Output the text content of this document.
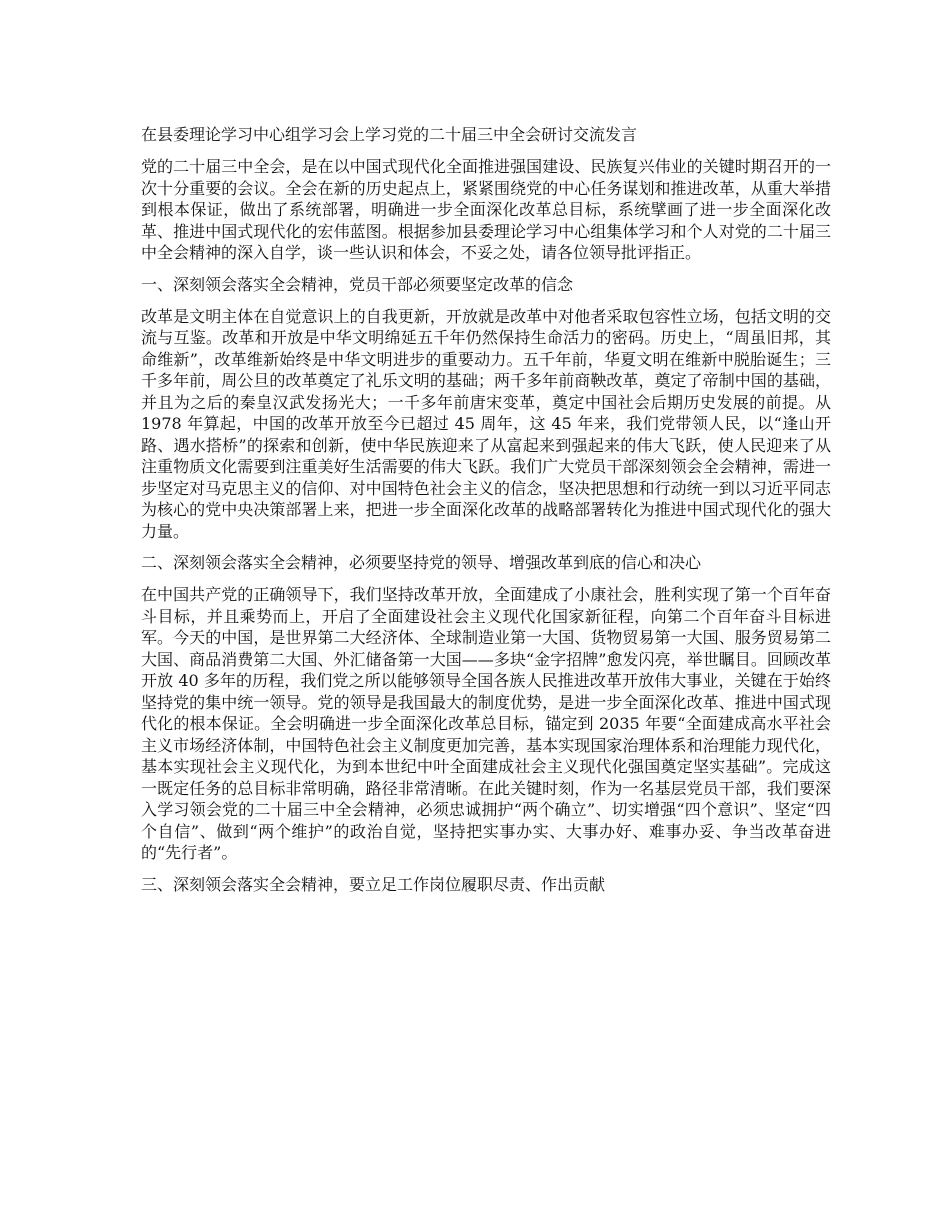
在县委理论学习中心组学习会上学习党的二十届三中全会研讨交流发言

党的二十届三中全会，是在以中国式现代化全面推进强国建设、民族复兴伟业的关键时期召开的一次十分重要的会议。全会在新的历史起点上，紧紧围绕党的中心任务谋划和推进改革，从重大举措到根本保证，做出了系统部署，明确进一步全面深化改革总目标，系统擘画了进一步全面深化改革、推进中国式现代化的宏伟蓝图。根据参加县委理论学习中心组集体学习和个人对党的二十届三中全会精神的深入自学，谈一些认识和体会，不妥之处，请各位领导批评指正。

一、深刻领会落实全会精神，党员干部必须要坚定改革的信念

改革是文明主体在自觉意识上的自我更新，开放就是改革中对他者采取包容性立场，包括文明的交流与互鉴。改革和开放是中华文明绵延五千年仍然保持生命活力的密码。历史上，“周虽旧邦，其命维新”，改革维新始终是中华文明进步的重要动力。五千年前，华夏文明在维新中脱胎诞生；三千多年前，周公旦的改革奠定了礼乐文明的基础；两千多年前商鞅改革，奠定了帝制中国的基础，并且为之后的秦皇汉武发扬光大；一千多年前唐宋变革，奠定中国社会后期历史发展的前提。从 1978 年算起，中国的改革开放至今已超过 45 周年，这 45 年来，我们党带领人民，以“逢山开路、遇水搭桥”的探索和创新，使中华民族迎来了从富起来到强起来的伟大飞跃，使人民迎来了从注重物质文化需要到注重美好生活需要的伟大飞跃。我们广大党员干部深刻领会全会精神，需进一步坚定对马克思主义的信仰、对中国特色社会主义的信念，坚决把思想和行动统一到以习近平同志为核心的党中央决策部署上来，把进一步全面深化改革的战略部署转化为推进中国式现代化的强大力量。

二、深刻领会落实全会精神，必须要坚持党的领导、增强改革到底的信心和决心

在中国共产党的正确领导下，我们坚持改革开放，全面建成了小康社会，胜利实现了第一个百年奋斗目标，并且乘势而上，开启了全面建设社会主义现代化国家新征程，向第二个百年奋斗目标进军。今天的中国，是世界第二大经济体、全球制造业第一大国、货物贸易第一大国、服务贸易第二大国、商品消费第二大国、外汇储备第一大国——多块“金字招牌”愈发闪亮，举世瞩目。回顾改革开放 40 多年的历程，我们党之所以能够领导全国各族人民推进改革开放伟大事业，关键在于始终坚持党的集中统一领导。党的领导是我国最大的制度优势，是进一步全面深化改革、推进中国式现代化的根本保证。全会明确进一步全面深化改革总目标，锚定到 2035 年要“全面建成高水平社会主义市场经济体制，中国特色社会主义制度更加完善，基本实现国家治理体系和治理能力现代化，基本实现社会主义现代化，为到本世纪中叶全面建成社会主义现代化强国奠定坚实基础”。完成这一既定任务的总目标非常明确，路径非常清晰。在此关键时刻，作为一名基层党员干部，我们要深入学习领会党的二十届三中全会精神，必须忠诚拥护“两个确立”、切实增强“四个意识”、坚定“四个自信”、做到“两个维护”的政治自觉，坚持把实事办实、大事办好、难事办妥、争当改革奋进的“先行者”。

三、深刻领会落实全会精神，要立足工作岗位履职尽责、作出贡献
